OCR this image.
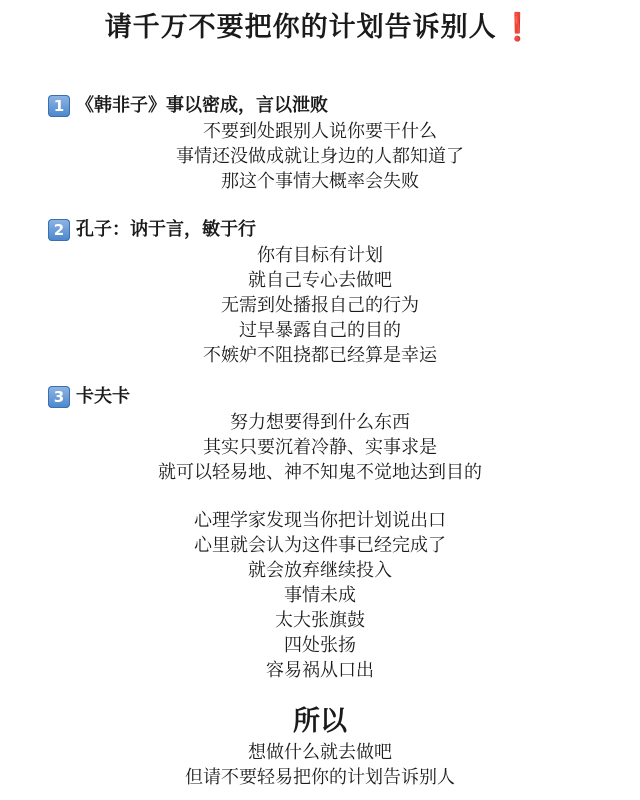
请千万不要把你的计划告诉别人 ❗
1 《韩非子》事以密成，言以泄败
不要到处跟别人说你要干什么
事情还没做成就让身边的人都知道了
那这个事情大概率会失败
2 孔子：讷于言，敏于行
你有目标有计划
就自己专心去做吧
无需到处播报自己的行为
过早暴露自己的目的
不嫉妒不阻挠都已经算是幸运
3 卡夫卡
努力想要得到什么东西
其实只要沉着冷静、实事求是
就可以轻易地、神不知鬼不觉地达到目的
心理学家发现当你把计划说出口
心里就会认为这件事已经完成了
就会放弃继续投入
事情未成
太大张旗鼓
四处张扬
容易祸从口出
所以
想做什么就去做吧
但请不要轻易把你的计划告诉别人
